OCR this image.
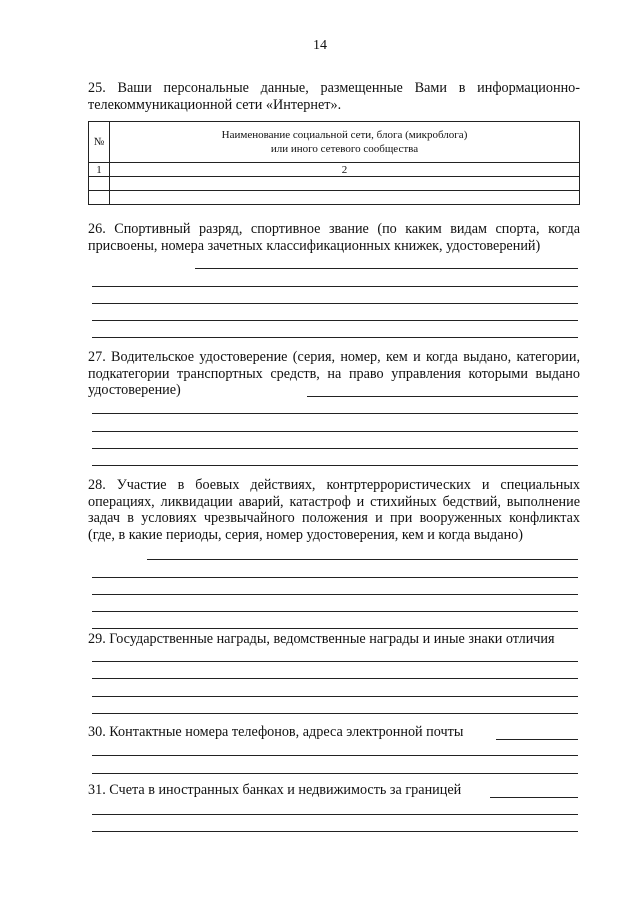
14
25. Ваши персональные данные, размещенные Вами в информационно-телекоммуникационной сети «Интернет».
№	Наименование социальной сети, блога (микроблога)
или иного сетевого сообщества
1	2

26. Спортивный разряд, спортивное звание (по каким видам спорта, когда присвоены, номера зачетных классификационных книжек, удостоверений)
27. Водительское удостоверение (серия, номер, кем и когда выдано, категории, подкатегории транспортных средств, на право управления которыми выдано удостоверение)
28. Участие в боевых действиях, контртеррористических и специальных операциях, ликвидации аварий, катастроф и стихийных бедствий, выполнение задач в условиях чрезвычайного положения и при вооруженных конфликтах (где, в какие периоды, серия, номер удостоверения, кем и когда выдано)
29. Государственные награды, ведомственные награды и иные знаки отличия
30. Контактные номера телефонов, адреса электронной почты
31. Счета в иностранных банках и недвижимость за границей
